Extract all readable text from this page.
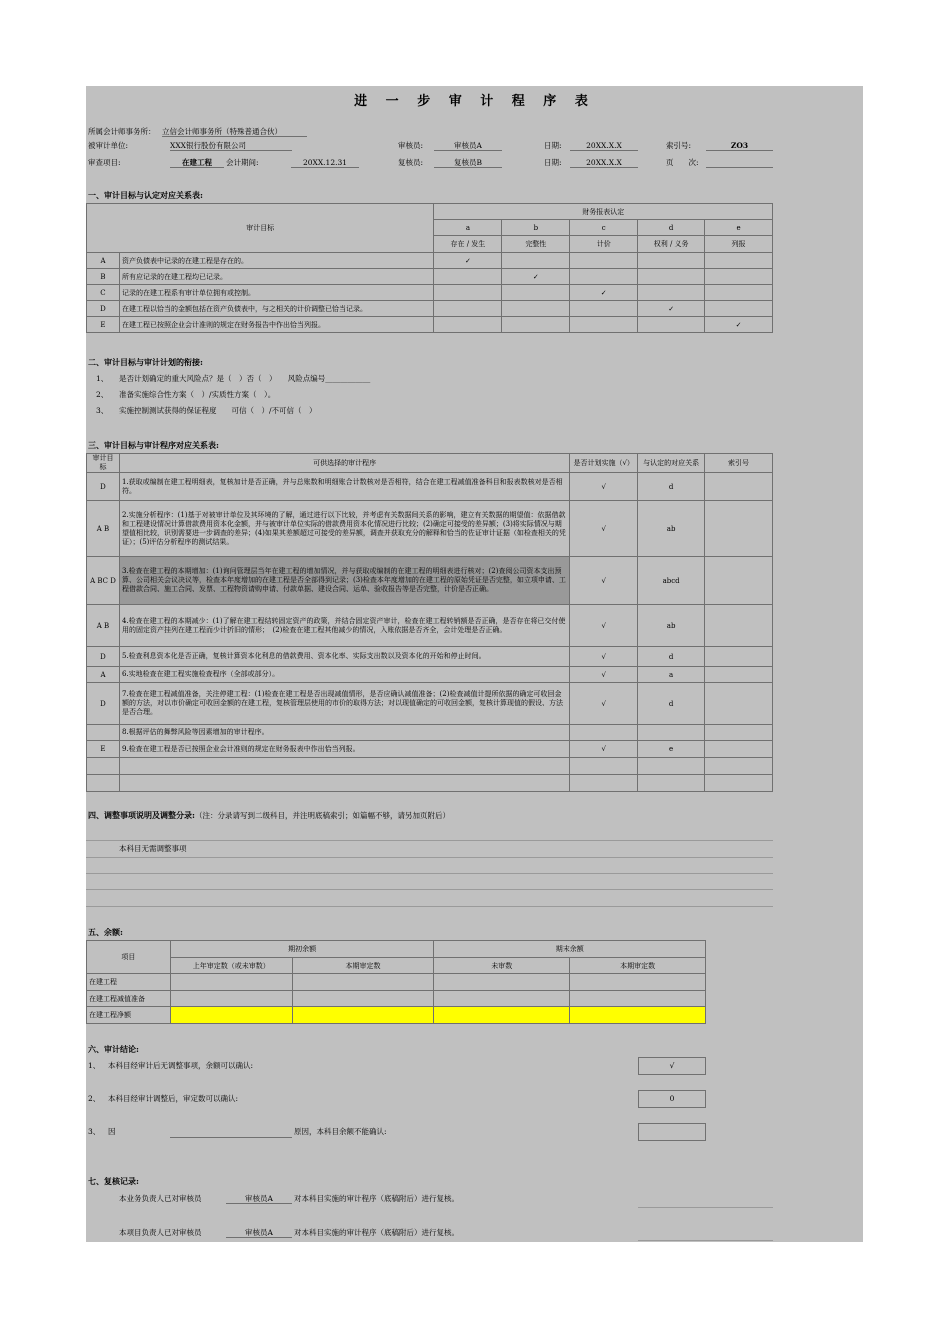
进 一 步 审 计 程 序 表
所属会计师事务所： 立信会计师事务所（特殊普通合伙）
被审计单位:	XXX银行股份有限公司
审查项目:	在建工程	会计期间:	20XX.12.31
审核员:	审核员A
复核员:	复核员B
日期:	20XX.X.X
日期:	20XX.X.X
索引号:	ZO3
页　　次:
一、审计目标与认定对应关系表:
审计目标		财务报表认定				
		a	b	c	d	e
		存在 / 发生	完整性	计价	权利 / 义务	列报
A	资产负债表中记录的在建工程是存在的。	✓				
B	所有应记录的在建工程均已记录。		✓			
C	记录的在建工程系有审计单位拥有或控制。			✓		
D	在建工程以恰当的金额包括在资产负债表中，与之相关的计价调整已恰当记录。				✓	
E	在建工程已按照企业会计准则的规定在财务报告中作出恰当列报。					✓
二、审计目标与审计计划的衔接:
1、 是否计划确定的重大风险点？是（　）否（　）　　风险点编号____________
2、 准备实施综合性方案（　）/实质性方案（　）。
3、 实施控制测试获得的保证程度　　可信（　）/不可信（　）
三、审计目标与审计程序对应关系表:
审计目标	可供选择的审计程序	是否计划实施（√）	与认定的对应关系	索引号
D	1.获取或编制在建工程明细表，复核加计是否正确，并与总账数和明细账合计数核对是否相符，结合在建工程减值准备科目和报表数核对是否相符。	√	d	
A B	2.实施分析程序：(1)基于对被审计单位及其环境的了解，通过进行以下比较，并考虑有关数据间关系的影响，建立有关数据的期望值：依据借款和工程建设情况计算借款费用资本化金额，并与被审计单位实际的借款费用资本化情况进行比较；(2)确定可接受的差异额；(3)将实际情况与期望值相比较，识别需要进一步调查的差异；(4)如果其差额超过可接受的差异额，调查并获取充分的解释和恰当的佐证审计证据（如检查相关的凭证）；(5)评估分析程序的测试结果。	√	ab	
A BC D	3.检查在建工程的本期增加：(1)询问管理层当年在建工程的增加情况，并与获取或编制的在建工程的明细表进行核对；(2)查阅公司资本支出预算、公司相关会议决议等，检查本年度增加的在建工程是否全部得到记录；(3)检查本年度增加的在建工程的原始凭证是否完整，如立项申请、工程借款合同、施工合同、发票、工程物资请购申请、付款单据、建设合同、运单、验收报告等是否完整，计价是否正确。	√	abcd	
A B	4.检查在建工程的本期减少：(1)了解在建工程结转固定资产的政策，并结合固定资产审计，检查在建工程转销额是否正确，是否存在将已交付使用的固定资产挂列在建工程而少计折旧的情形；　(2)检查在建工程其他减少的情况，入账依据是否齐全，会计处理是否正确。	√	ab	
D	5.检查利息资本化是否正确，复核计算资本化利息的借款费用、资本化率、实际支出数以及资本化的开始和停止时间。	√	d	
A	6.实地检查在建工程实施检查程序（全部或部分）。	√	a	
D	7.检查在建工程减值准备，关注停建工程：(1)检查在建工程是否出现减值情形，是否应确认减值准备；(2)检查减值计提所依据的确定可收回金额的方法，对以市价确定可收回金额的在建工程，复核管理层使用的市价的取得方法；对以现值确定的可收回金额，复核计算现值的假设、方法是否合理。	√	d	
	8.根据评估的舞弊风险等因素增加的审计程序。			
E	9.检查在建工程是否已按照企业会计准则的规定在财务报表中作出恰当列报。	√	e	

四、调整事项说明及调整分录:（注：分录请写到二级科目，并注明底稿索引；如篇幅不够，请另加页附后）
本科目无需调整事项
五、余额:
项目	期初余额		期末余额	
	上年审定数（或未审数）	本期审定数	未审数	本期审定数
在建工程				
在建工程减值准备				
在建工程净额				
六、审计结论:
1、 本科目经审计后无调整事项，余额可以确认:	√
2、 本科目经审计调整后，审定数可以确认:	0
3、 因	原因，本科目余额不能确认:
七、复核记录:
本业务负责人已对审核员	审核员A	对本科目实施的审计程序（底稿附后）进行复核。
本项目负责人已对审核员	审核员A	对本科目实施的审计程序（底稿附后）进行复核。
